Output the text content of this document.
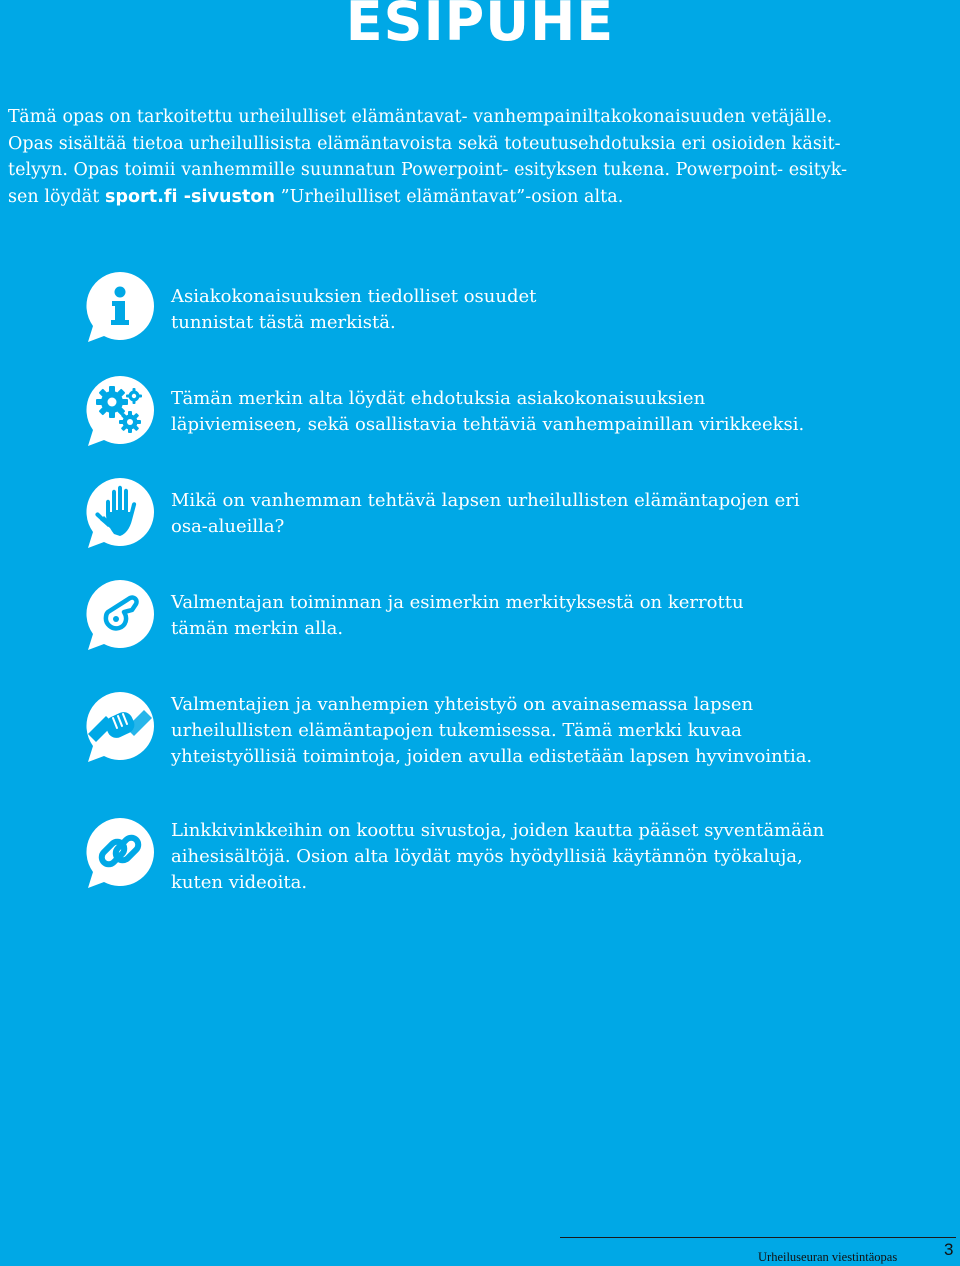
ESIPUHE
Tämä opas on tarkoitettu urheilulliset elämäntavat- vanhempainiltakokonaisuuden vetäjälle.
Opas sisältää tietoa urheilullisista elämäntavoista sekä toteutusehdotuksia eri osioiden käsit-
telyyn. Opas toimii vanhemmille suunnatun Powerpoint- esityksen tukena. Powerpoint- esityk-
sen löydät sport.fi -sivuston ”Urheilulliset elämäntavat”-osion alta.
Asiakokonaisuuksien tiedolliset osuudet
tunnistat tästä merkistä.
Tämän merkin alta löydät ehdotuksia asiakokonaisuuksien
läpiviemiseen, sekä osallistavia tehtäviä vanhempainillan virikkeeksi.
Mikä on vanhemman tehtävä lapsen urheilullisten elämäntapojen eri
osa-alueilla?
Valmentajan toiminnan ja esimerkin merkityksestä on kerrottu
tämän merkin alla.
Valmentajien ja vanhempien yhteistyö on avainasemassa lapsen
urheilullisten elämäntapojen tukemisessa. Tämä merkki kuvaa
yhteistyöllisiä toimintoja, joiden avulla edistetään lapsen hyvinvointia.
Linkkivinkkeihin on koottu sivustoja, joiden kautta pääset syventämään
aihesisältöjä. Osion alta löydät myös hyödyllisiä käytännön työkaluja,
kuten videoita.
Urheiluseuran viestintäopas	3
